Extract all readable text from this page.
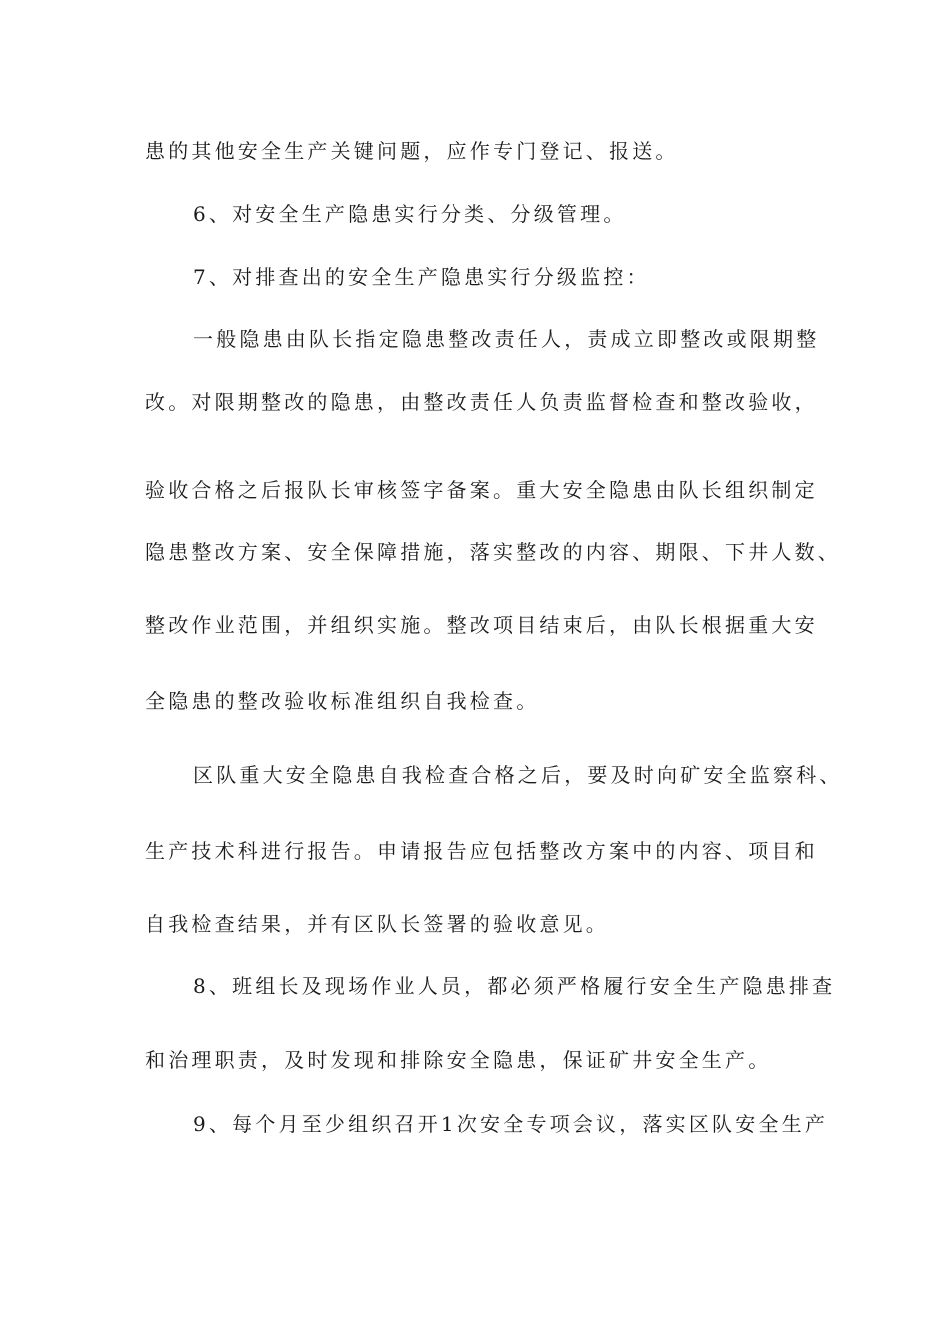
患的其他安全生产关键问题，应作专门登记、报送。
6、对安全生产隐患实行分类、分级管理。
7、对排查出的安全生产隐患实行分级监控：
一般隐患由队长指定隐患整改责任人，责成立即整改或限期整
改。对限期整改的隐患，由整改责任人负责监督检查和整改验收，
验收合格之后报队长审核签字备案。重大安全隐患由队长组织制定
隐患整改方案、安全保障措施，落实整改的内容、期限、下井人数、
整改作业范围，并组织实施。整改项目结束后，由队长根据重大安
全隐患的整改验收标准组织自我检查。
区队重大安全隐患自我检查合格之后，要及时向矿安全监察科、
生产技术科进行报告。申请报告应包括整改方案中的内容、项目和
自我检查结果，并有区队长签署的验收意见。
8、班组长及现场作业人员，都必须严格履行安全生产隐患排查
和治理职责，及时发现和排除安全隐患，保证矿井安全生产。
9、每个月至少组织召开1次安全专项会议，落实区队安全生产
